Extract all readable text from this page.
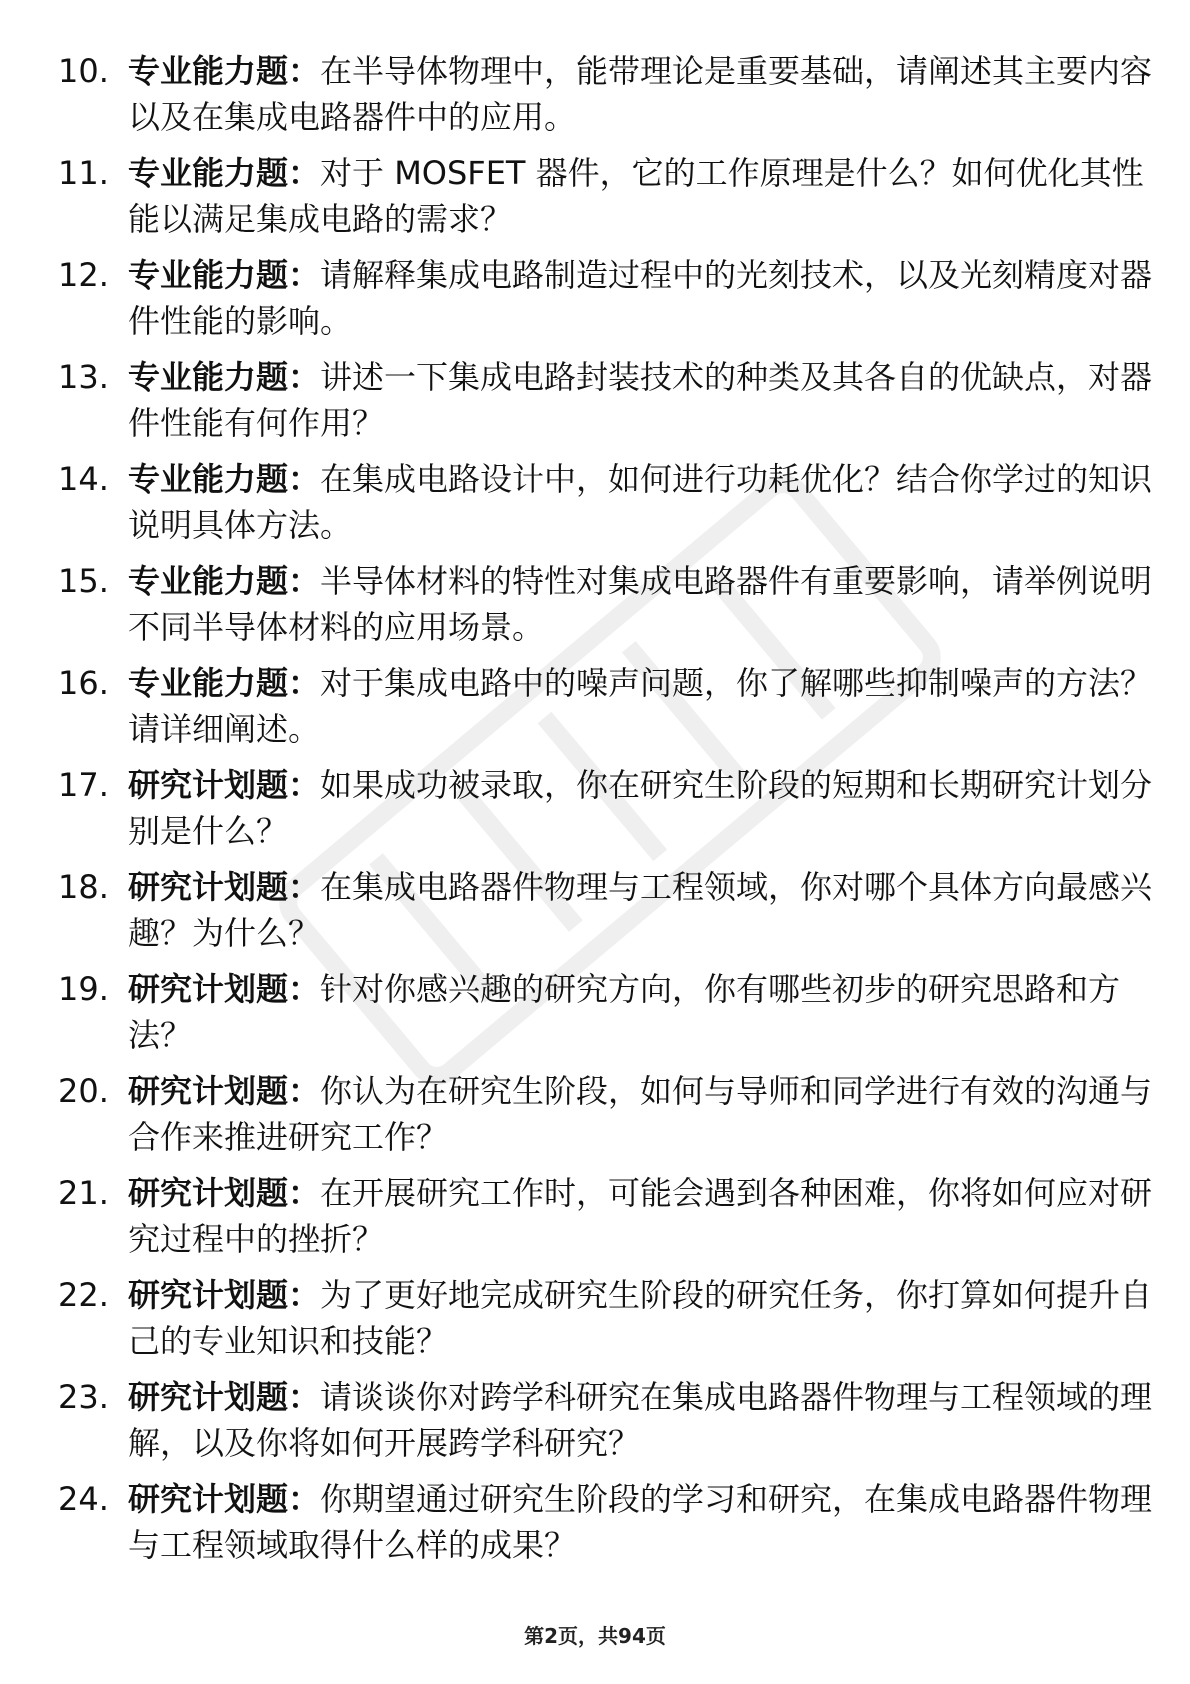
10. 专业能力题：在半导体物理中，能带理论是重要基础，请阐述其主要内容以及在集成电路器件中的应用。
11. 专业能力题：对于 MOSFET 器件，它的工作原理是什么？如何优化其性能以满足集成电路的需求？
12. 专业能力题：请解释集成电路制造过程中的光刻技术，以及光刻精度对器件性能的影响。
13. 专业能力题：讲述一下集成电路封装技术的种类及其各自的优缺点，对器件性能有何作用？
14. 专业能力题：在集成电路设计中，如何进行功耗优化？结合你学过的知识说明具体方法。
15. 专业能力题：半导体材料的特性对集成电路器件有重要影响，请举例说明不同半导体材料的应用场景。
16. 专业能力题：对于集成电路中的噪声问题，你了解哪些抑制噪声的方法？请详细阐述。
17. 研究计划题：如果成功被录取，你在研究生阶段的短期和长期研究计划分别是什么？
18. 研究计划题：在集成电路器件物理与工程领域，你对哪个具体方向最感兴趣？为什么？
19. 研究计划题：针对你感兴趣的研究方向，你有哪些初步的研究思路和方法？
20. 研究计划题：你认为在研究生阶段，如何与导师和同学进行有效的沟通与合作来推进研究工作？
21. 研究计划题：在开展研究工作时，可能会遇到各种困难，你将如何应对研究过程中的挫折？
22. 研究计划题：为了更好地完成研究生阶段的研究任务，你打算如何提升自己的专业知识和技能？
23. 研究计划题：请谈谈你对跨学科研究在集成电路器件物理与工程领域的理解，以及你将如何开展跨学科研究？
24. 研究计划题：你期望通过研究生阶段的学习和研究，在集成电路器件物理与工程领域取得什么样的成果？
第2页，共94页
